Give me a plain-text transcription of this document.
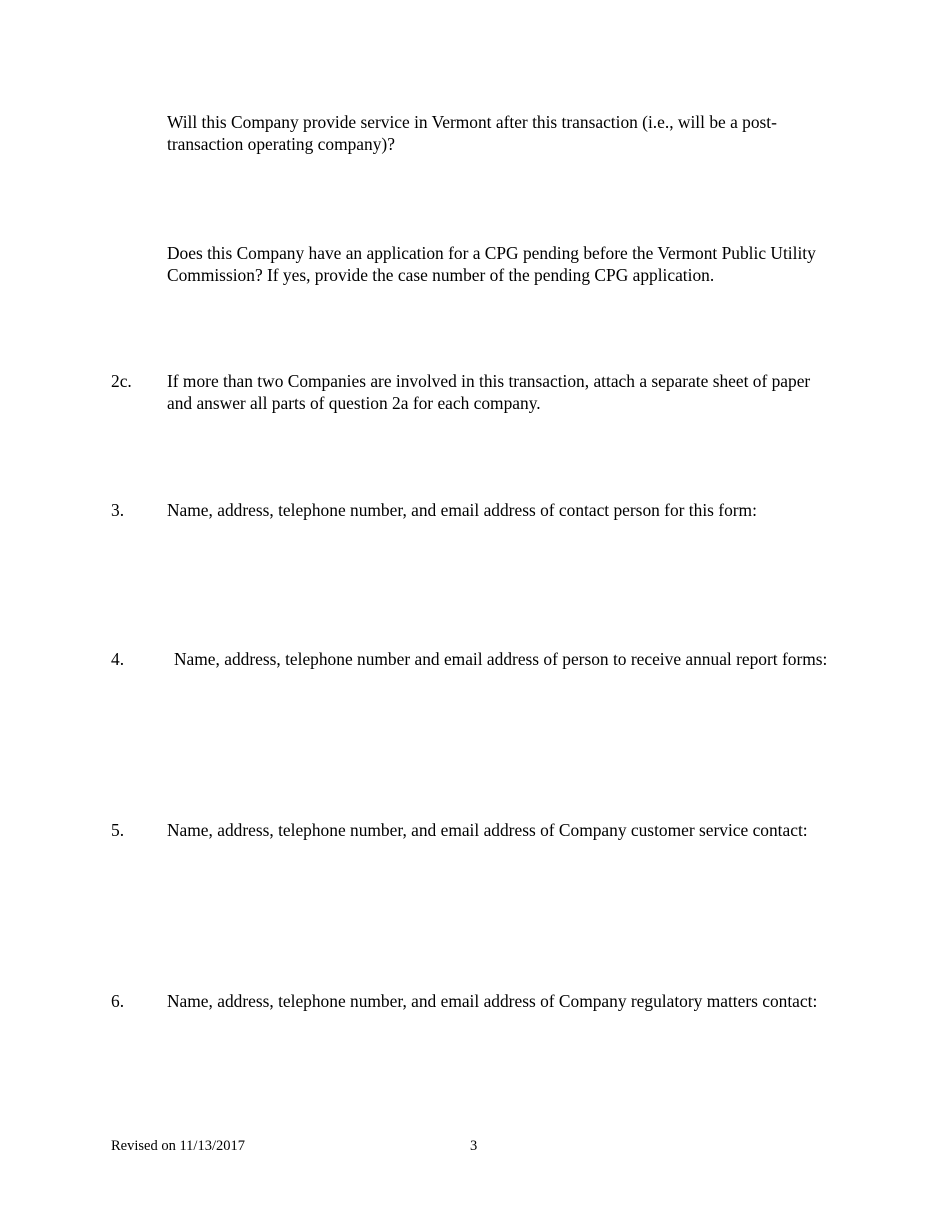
Will this Company provide service in Vermont after this transaction (i.e., will be a post-transaction operating company)?
Does this Company have an application for a CPG pending before the Vermont Public Utility Commission? If yes, provide the case number of the pending CPG application.
2c. If more than two Companies are involved in this transaction, attach a separate sheet of paper and answer all parts of question 2a for each company.
3. Name, address, telephone number, and email address of contact person for this form:
4.	Name, address, telephone number and email address of person to receive annual report forms:
5. Name, address, telephone number, and email address of Company customer service contact:
6. Name, address, telephone number, and email address of Company regulatory matters contact:
Revised on 11/13/2017	3
